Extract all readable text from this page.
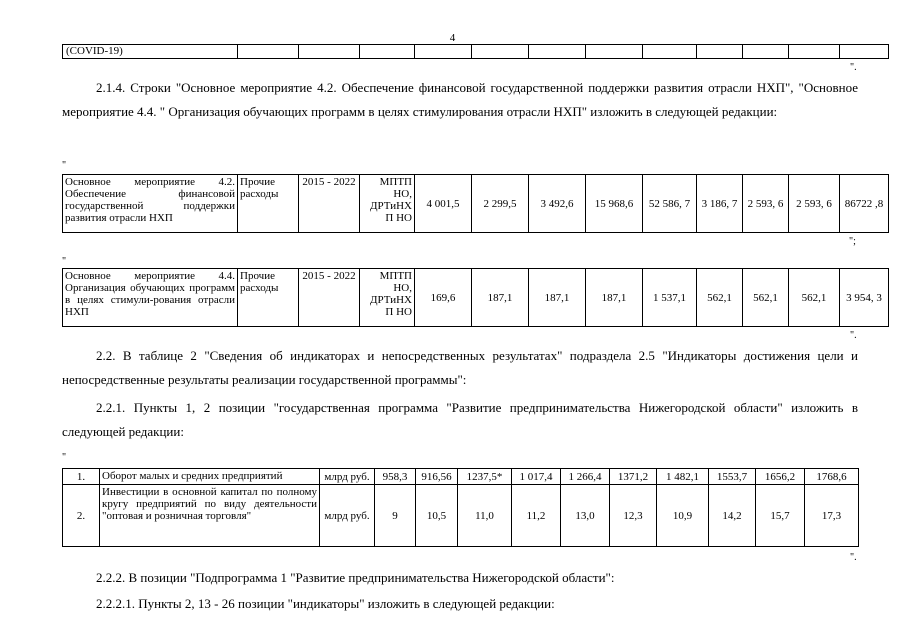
4
(COVID-19)												
".
2.1.4. Строки "Основное мероприятие 4.2. Обеспечение финансовой государственной поддержки развития отрасли НХП", "Основное мероприятие 4.4. " Организация обучающих программ в целях стимулирования отрасли НХП" изложить в следующей редакции:
"
Основное мероприятие 4.2. Обеспечение финансовой государственной поддержки развития отрасли НХП	Прочие расходы	2015 - 2022	МПТП НО, ДРТиНХ П НО	4 001,5	2 299,5	3 492,6	15 968,6	52 586, 7	3 186, 7	2 593, 6	2 593, 6	86722 ,8
";
"
Основное мероприятие 4.4. Организация обучающих программ в целях стимули-рования отрасли НХП	Прочие расходы	2015 - 2022	МПТП НО, ДРТиНХ П НО	169,6	187,1	187,1	187,1	1 537,1	562,1	562,1	562,1	3 954, 3
".
2.2. В таблице 2 "Сведения об индикаторах и непосредственных результатах" подраздела 2.5 "Индикаторы достижения цели и непосредственные результаты реализации государственной программы":
2.2.1. Пункты 1, 2 позиции "государственная программа "Развитие предпринимательства Нижегородской области" изложить в следующей редакции:
"
1.	Оборот малых и средних предприятий	млрд руб.	958,3	916,56	1237,5*	1 017,4	1 266,4	1371,2	1 482,1	1553,7	1656,2	1768,6
2.	Инвестиции в основной капитал по полному кругу предприятий по виду деятельности "оптовая и розничная торговля"	млрд руб.	9	10,5	11,0	11,2	13,0	12,3	10,9	14,2	15,7	17,3
".
2.2.2. В позиции "Подпрограмма 1 "Развитие предпринимательства Нижегородской области":
2.2.2.1. Пункты 2, 13 - 26 позиции "индикаторы" изложить в следующей редакции:
